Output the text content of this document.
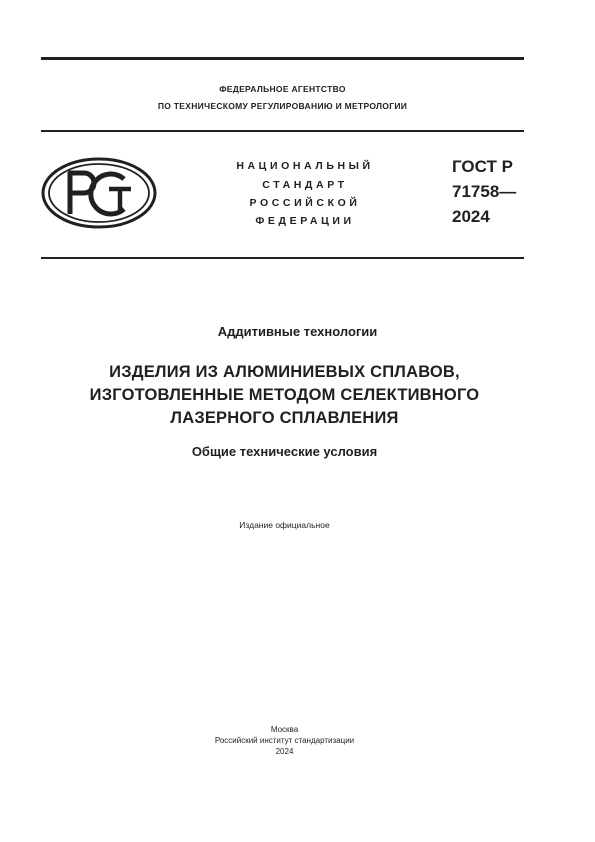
ФЕДЕРАЛЬНОЕ АГЕНТСТВО
ПО ТЕХНИЧЕСКОМУ РЕГУЛИРОВАНИЮ И МЕТРОЛОГИИ
НАЦИОНАЛЬНЫЙ
СТАНДАРТ
РОССИЙСКОЙ
ФЕДЕРАЦИИ
ГОСТ Р
71758—
2024
Аддитивные технологии
ИЗДЕЛИЯ ИЗ АЛЮМИНИЕВЫХ СПЛАВОВ,
ИЗГОТОВЛЕННЫЕ МЕТОДОМ СЕЛЕКТИВНОГО
ЛАЗЕРНОГО СПЛАВЛЕНИЯ
Общие технические условия
Издание официальное
Москва
Российский институт стандартизации
2024
